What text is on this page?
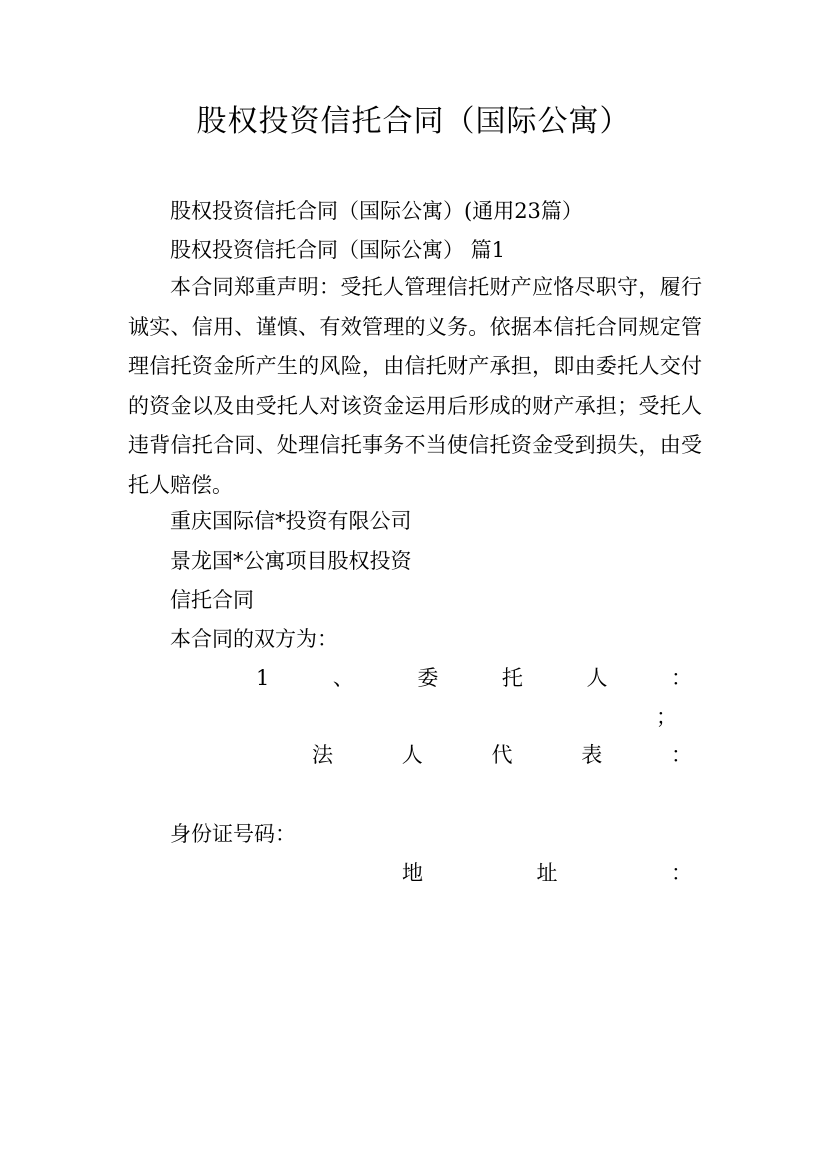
股权投资信托合同（国际公寓）
股权投资信托合同（国际公寓）(通用23篇）
股权投资信托合同（国际公寓） 篇1
本合同郑重声明：受托人管理信托财产应恪尽职守，履行诚实、信用、谨慎、有效管理的义务。依据本信托合同规定管理信托资金所产生的风险，由信托财产承担，即由委托人交付的资金以及由受托人对该资金运用后形成的财产承担；受托人违背信托合同、处理信托事务不当使信托资金受到损失，由受托人赔偿。
重庆国际信*投资有限公司
景龙国*公寓项目股权投资
信托合同
本合同的双方为：
1	、	委	托	人	：
；
法	人	代	表	：
身份证号码：
地	址	：
